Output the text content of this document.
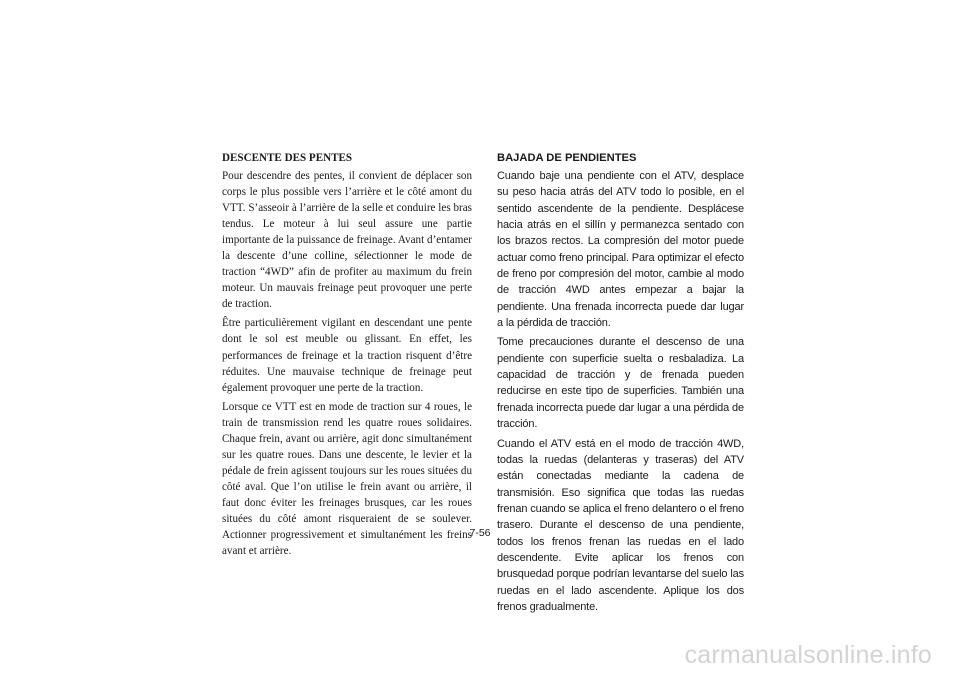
DESCENTE DES PENTES

Pour descendre des pentes, il convient de déplacer son corps le plus possible vers l’arrière et le côté amont du VTT. S’asseoir à l’arrière de la selle et conduire les bras tendus. Le moteur à lui seul assure une partie importante de la puissance de freinage. Avant d’entamer la descente d’une colline, sélectionner le mode de traction “4WD” afin de profiter au maximum du frein moteur. Un mauvais freinage peut provoquer une perte de traction.

Être particulièrement vigilant en descendant une pente dont le sol est meuble ou glissant. En effet, les performances de freinage et la traction risquent d’être réduites. Une mauvaise technique de freinage peut également provoquer une perte de la traction.

Lorsque ce VTT est en mode de traction sur 4 roues, le train de transmission rend les quatre roues solidaires. Chaque frein, avant ou arrière, agit donc simultanément sur les quatre roues. Dans une descente, le levier et la pédale de frein agissent toujours sur les roues situées du côté aval. Que l’on utilise le frein avant ou arrière, il faut donc éviter les freinages brusques, car les roues situées du côté amont risqueraient de se soulever. Actionner progressivement et simultanément les freins avant et arrière.

BAJADA DE PENDIENTES

Cuando baje una pendiente con el ATV, desplace su peso hacia atrás del ATV todo lo posible, en el sentido ascendente de la pendiente. Desplácese hacia atrás en el sillín y permanezca sentado con los brazos rectos. La compresión del motor puede actuar como freno principal. Para optimizar el efecto de freno por compresión del motor, cambie al modo de tracción 4WD antes empezar a bajar la pendiente. Una frenada incorrecta puede dar lugar a la pérdida de tracción.

Tome precauciones durante el descenso de una pendiente con superficie suelta o resbaladiza. La capacidad de tracción y de frenada pueden reducirse en este tipo de superficies. También una frenada incorrecta puede dar lugar a una pérdida de tracción.

Cuando el ATV está en el modo de tracción 4WD, todas la ruedas (delanteras y traseras) del ATV están conectadas mediante la cadena de transmisión. Eso significa que todas las ruedas frenan cuando se aplica el freno delantero o el freno trasero. Durante el descenso de una pendiente, todos los frenos frenan las ruedas en el lado descendente. Evite aplicar los frenos con brusquedad porque podrían levantarse del suelo las ruedas en el lado ascendente. Aplique los dos frenos gradualmente.

7-56
carmanualsonline.info
